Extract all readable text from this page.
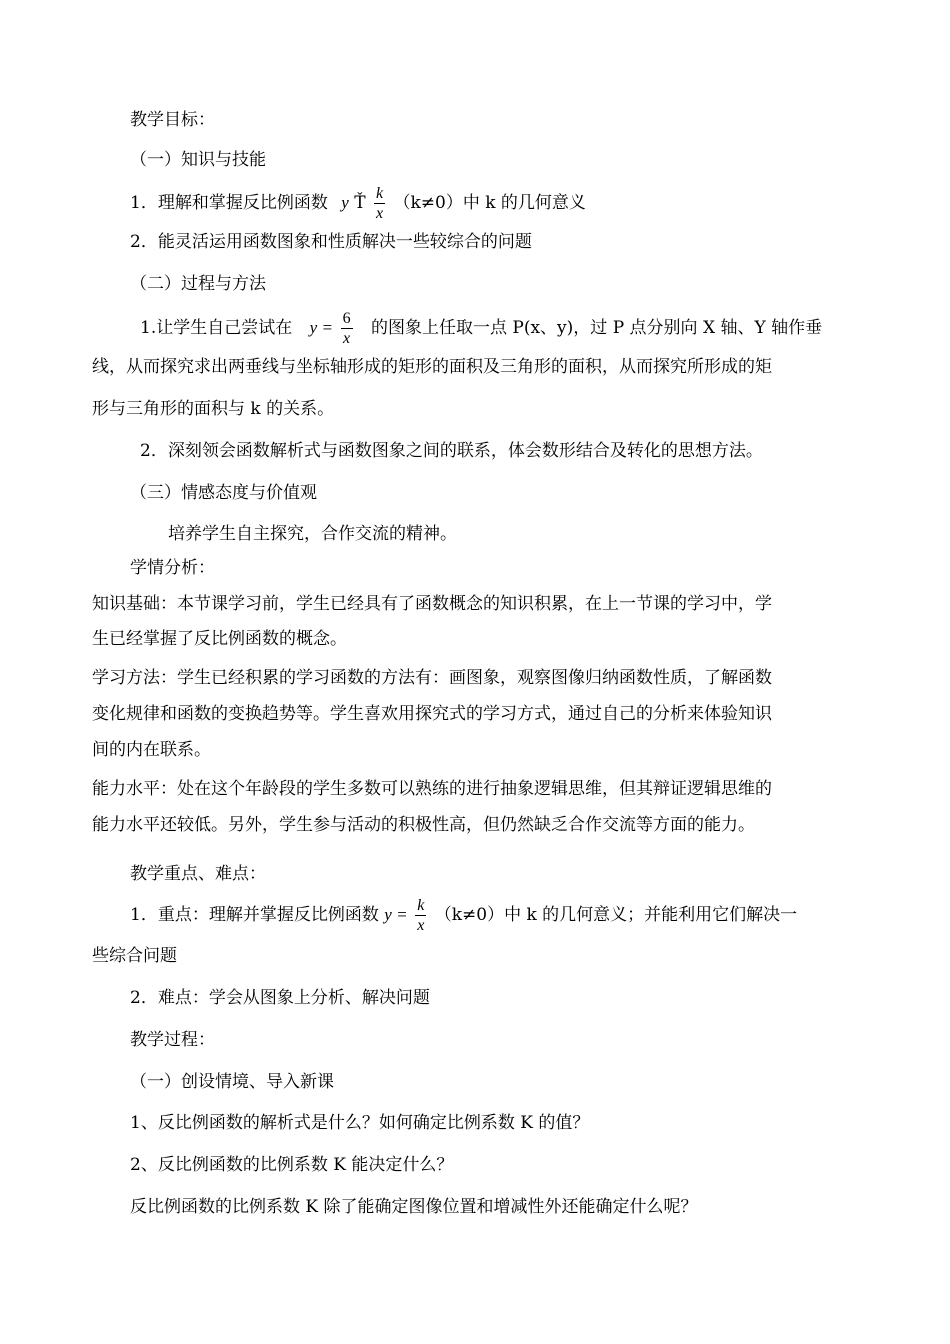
教学目标：
（一）知识与技能
1．理解和掌握反比例函数 y Ť $\frac{k}{x} (k\ne 0)$中 k 的几何意义
2．能灵活运用函数图象和性质解决一些较综合的问题
（二）过程与方法
1.让学生自己尝试在 $y = \frac{6}{x}$ 的图象上任取一点 P(x、y)，过 P 点分别向 X 轴、Y 轴作垂
线，从而探究求出两垂线与坐标轴形成的矩形的面积及三角形的面积，从而探究所形成的矩
形与三角形的面积与 k 的关系。
2．深刻领会函数解析式与函数图象之间的联系，体会数形结合及转化的思想方法。
（三）情感态度与价值观
培养学生自主探究，合作交流的精神。
学情分析：
知识基础：本节课学习前，学生已经具有了函数概念的知识积累，在上一节课的学习中，学
生已经掌握了反比例函数的概念。
学习方法：学生已经积累的学习函数的方法有：画图象，观察图像归纳函数性质，了解函数
变化规律和函数的变换趋势等。学生喜欢用探究式的学习方式，通过自己的分析来体验知识
间的内在联系。
能力水平：处在这个年龄段的学生多数可以熟练的进行抽象逻辑思维，但其辩证逻辑思维的
能力水平还较低。另外，学生参与活动的积极性高，但仍然缺乏合作交流等方面的能力。
教学重点、难点：
1．重点：理解并掌握反比例函数 $y = \frac{k}{x} (k\ne 0)$中 k 的几何意义；并能利用它们解决一
些综合问题
2．难点：学会从图象上分析、解决问题
教学过程：
（一）创设情境、导入新课
1、反比例函数的解析式是什么？如何确定比例系数 K 的值？
2、反比例函数的比例系数 K 能决定什么？
反比例函数的比例系数 K 除了能确定图像位置和增减性外还能确定什么呢？
